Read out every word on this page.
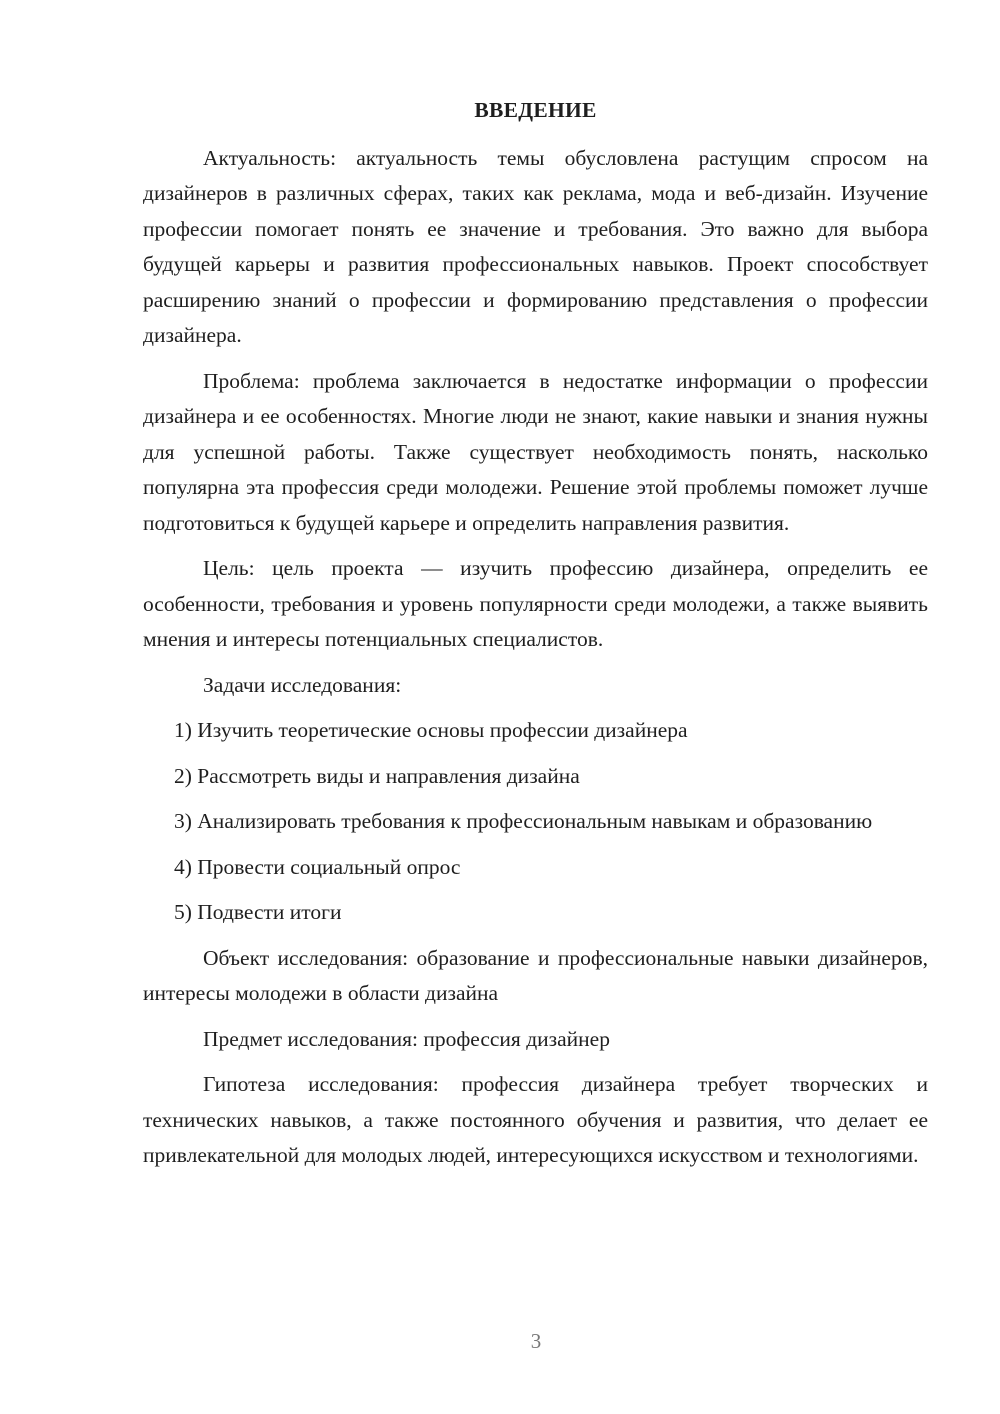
ВВЕДЕНИЕ

Актуальность: актуальность темы обусловлена растущим спросом на дизайнеров в различных сферах, таких как реклама, мода и веб-дизайн. Изучение профессии помогает понять ее значение и требования. Это важно для выбора будущей карьеры и развития профессиональных навыков. Проект способствует расширению знаний о профессии и формированию представления о профессии дизайнера.

Проблема: проблема заключается в недостатке информации о профессии дизайнера и ее особенностях. Многие люди не знают, какие навыки и знания нужны для успешной работы. Также существует необходимость понять, насколько популярна эта профессия среди молодежи. Решение этой проблемы поможет лучше подготовиться к будущей карьере и определить направления развития.

Цель: цель проекта — изучить профессию дизайнера, определить ее особенности, требования и уровень популярности среди молодежи, а также выявить мнения и интересы потенциальных специалистов.

Задачи исследования:

1) Изучить теоретические основы профессии дизайнера

2) Рассмотреть виды и направления дизайна

3) Анализировать требования к профессиональным навыкам и образованию

4) Провести социальный опрос

5) Подвести итоги

Объект исследования: образование и профессиональные навыки дизайнеров, интересы молодежи в области дизайна

Предмет исследования: профессия дизайнер

Гипотеза исследования: профессия дизайнера требует творческих и технических навыков, а также постоянного обучения и развития, что делает ее привлекательной для молодых людей, интересующихся искусством и технологиями.

3
